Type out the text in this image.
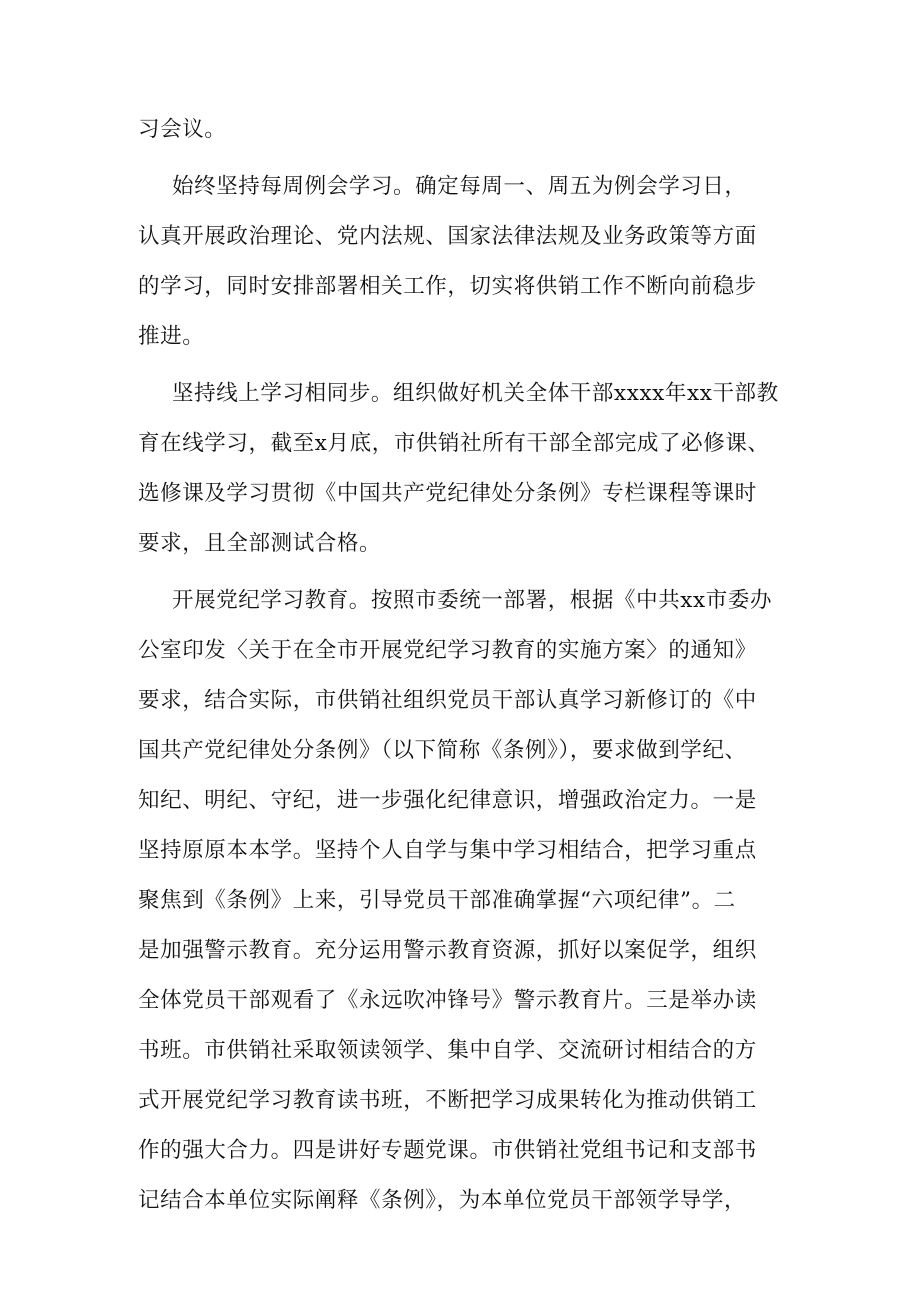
习会议。
始终坚持每周例会学习。确定每周一、周五为例会学习日，
认真开展政治理论、党内法规、国家法律法规及业务政策等方面
的学习，同时安排部署相关工作，切实将供销工作不断向前稳步
推进。
坚持线上学习相同步。组织做好机关全体干部xxxx年xx干部教
育在线学习，截至x月底，市供销社所有干部全部完成了必修课、
选修课及学习贯彻《中国共产党纪律处分条例》专栏课程等课时
要求，且全部测试合格。
开展党纪学习教育。按照市委统一部署，根据《中共xx市委办
公室印发〈关于在全市开展党纪学习教育的实施方案〉的通知》
要求，结合实际，市供销社组织党员干部认真学习新修订的《中
国共产党纪律处分条例》（以下简称《条例》），要求做到学纪、
知纪、明纪、守纪，进一步强化纪律意识，增强政治定力。一是
坚持原原本本学。坚持个人自学与集中学习相结合，把学习重点
聚焦到《条例》上来，引导党员干部准确掌握“六项纪律”。二
是加强警示教育。充分运用警示教育资源，抓好以案促学，组织
全体党员干部观看了《永远吹冲锋号》警示教育片。三是举办读
书班。市供销社采取领读领学、集中自学、交流研讨相结合的方
式开展党纪学习教育读书班，不断把学习成果转化为推动供销工
作的强大合力。四是讲好专题党课。市供销社党组书记和支部书
记结合本单位实际阐释《条例》，为本单位党员干部领学导学，
